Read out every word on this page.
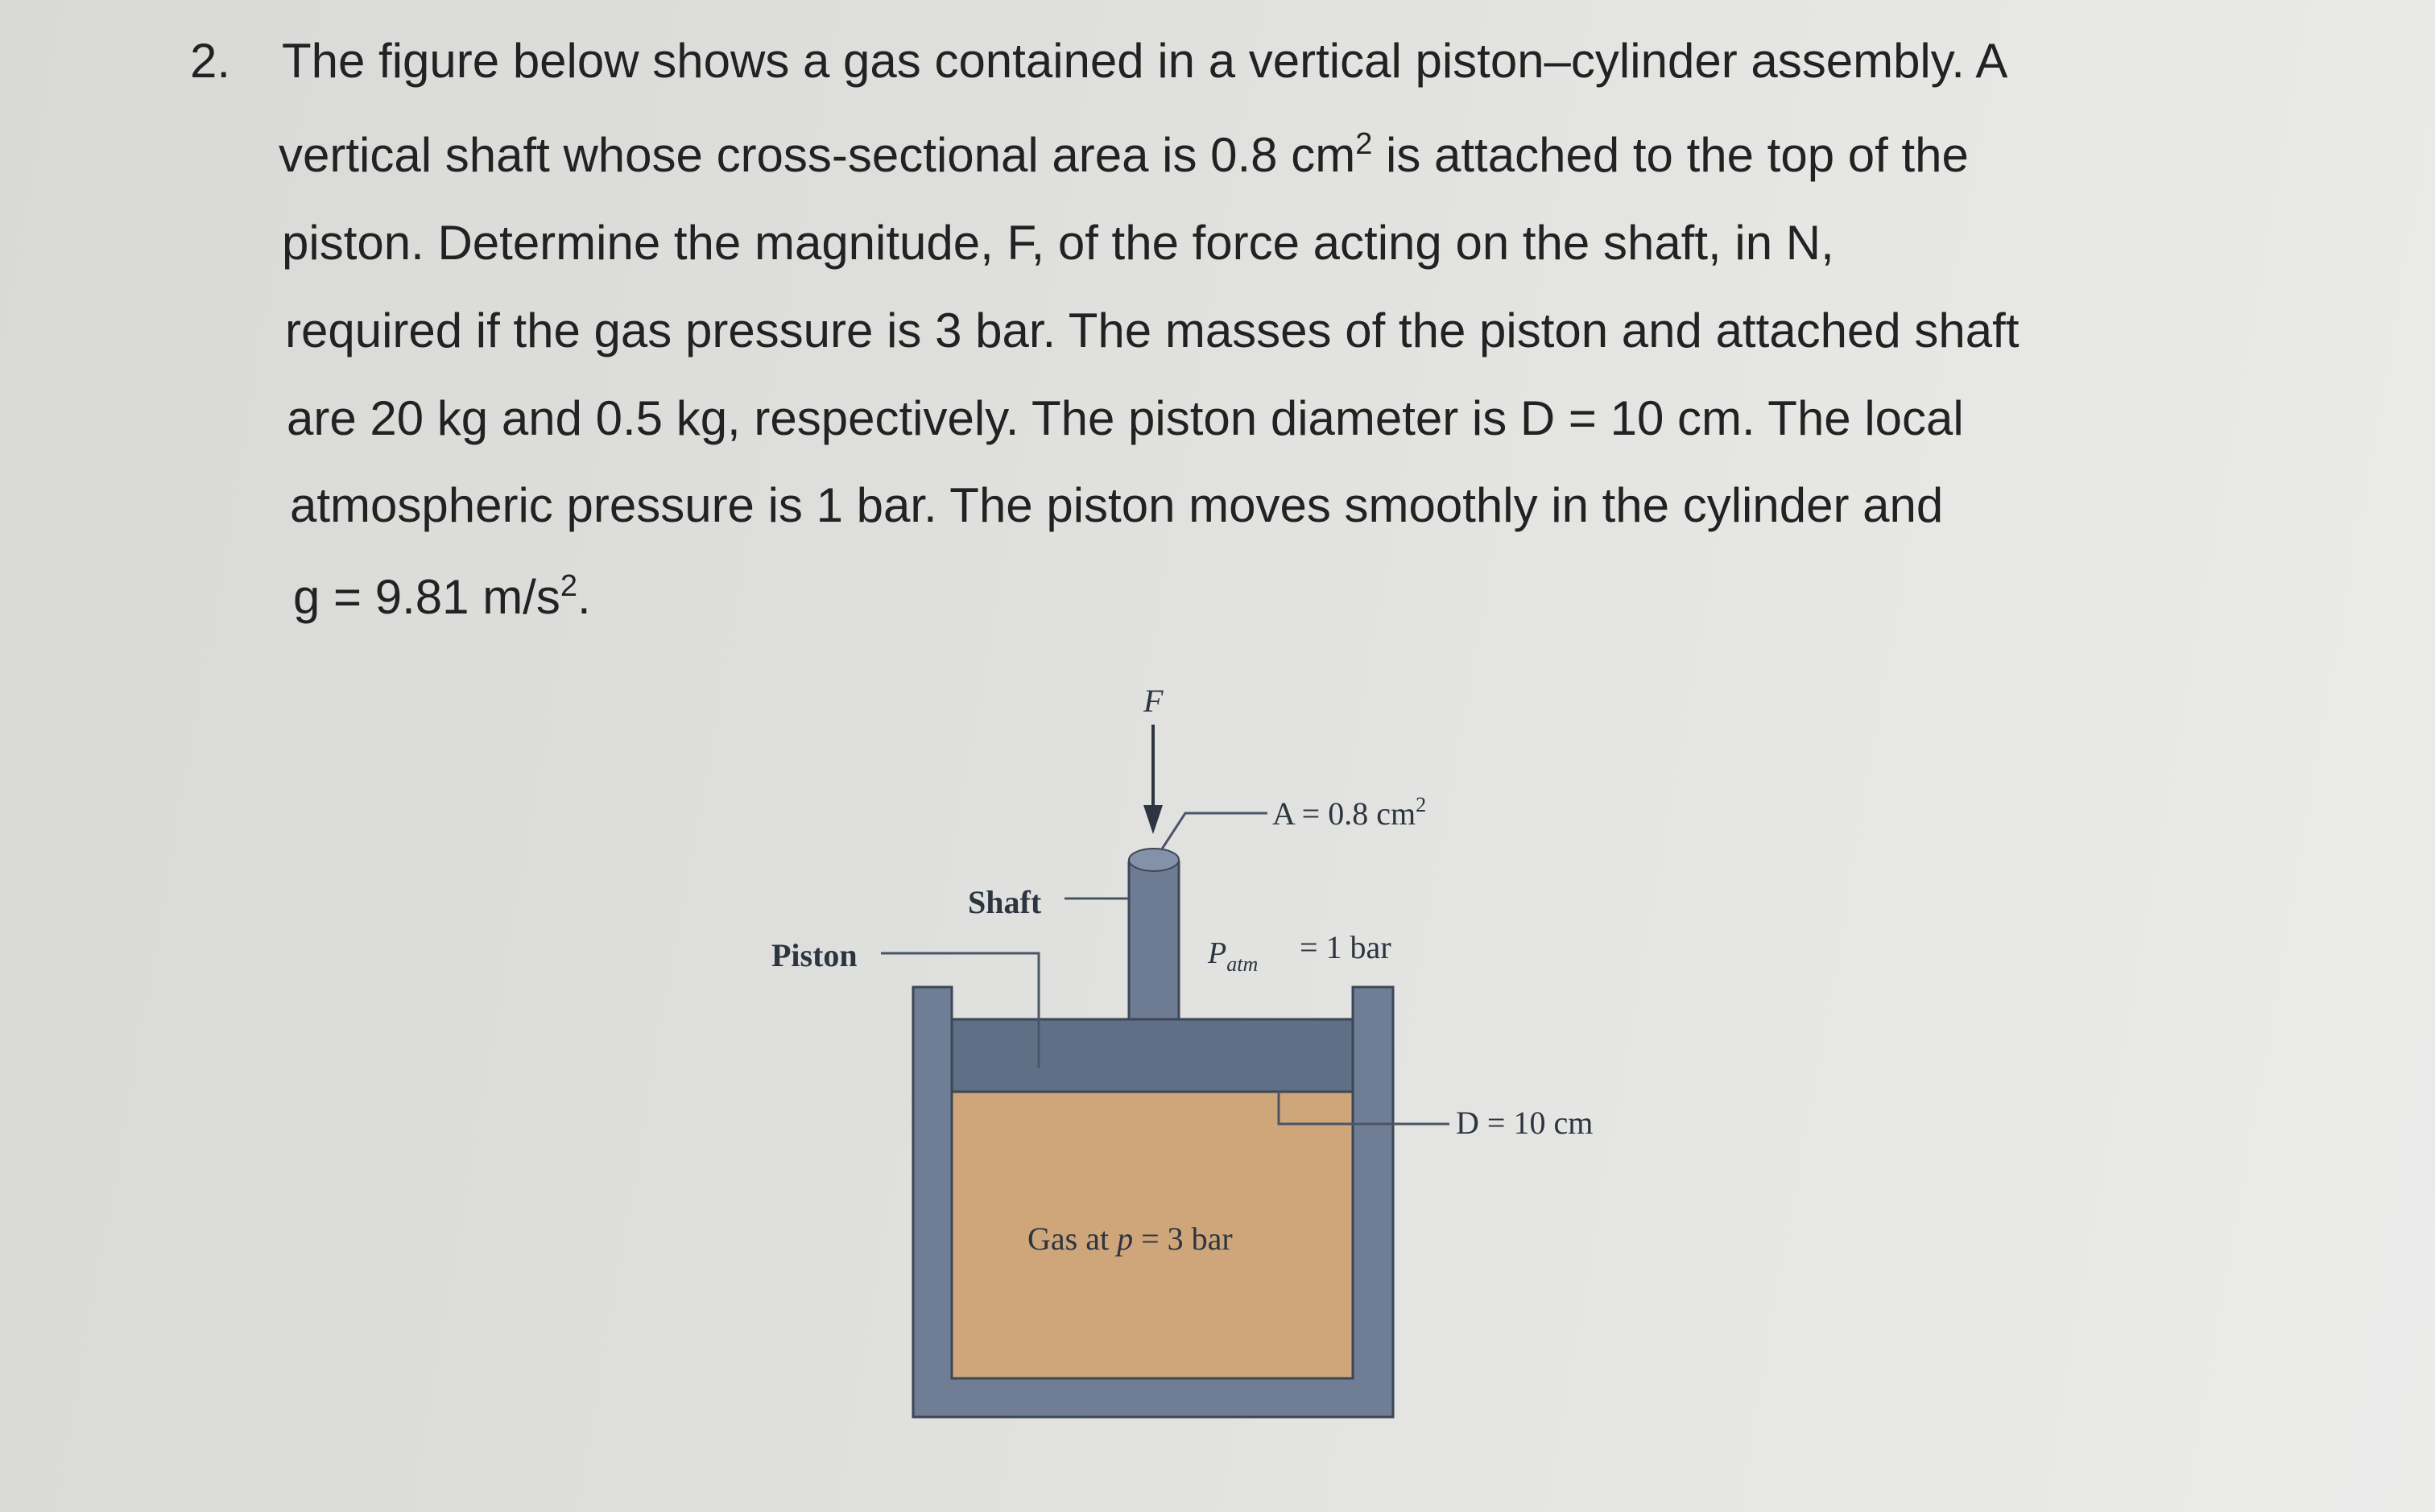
2. The figure below shows a gas contained in a vertical piston–cylinder assembly. A
vertical shaft whose cross-sectional area is 0.8 $cm^2$ is attached to the top of the
piston. Determine the magnitude, F, of the force acting on the shaft, in N,
required if the gas pressure is 3 bar. The masses of the piston and attached shaft
are 20 kg and 0.5 kg, respectively. The piston diameter is D = 10 cm. The local
atmospheric pressure is 1 bar. The piston moves smoothly in the cylinder and
g = 9.81 $m/s^2$.
F
A = 0.8 $cm^2$
Shaft
Piston	$P_{atm} = 1$ bar
D = 10 cm
Gas at p = 3 bar
